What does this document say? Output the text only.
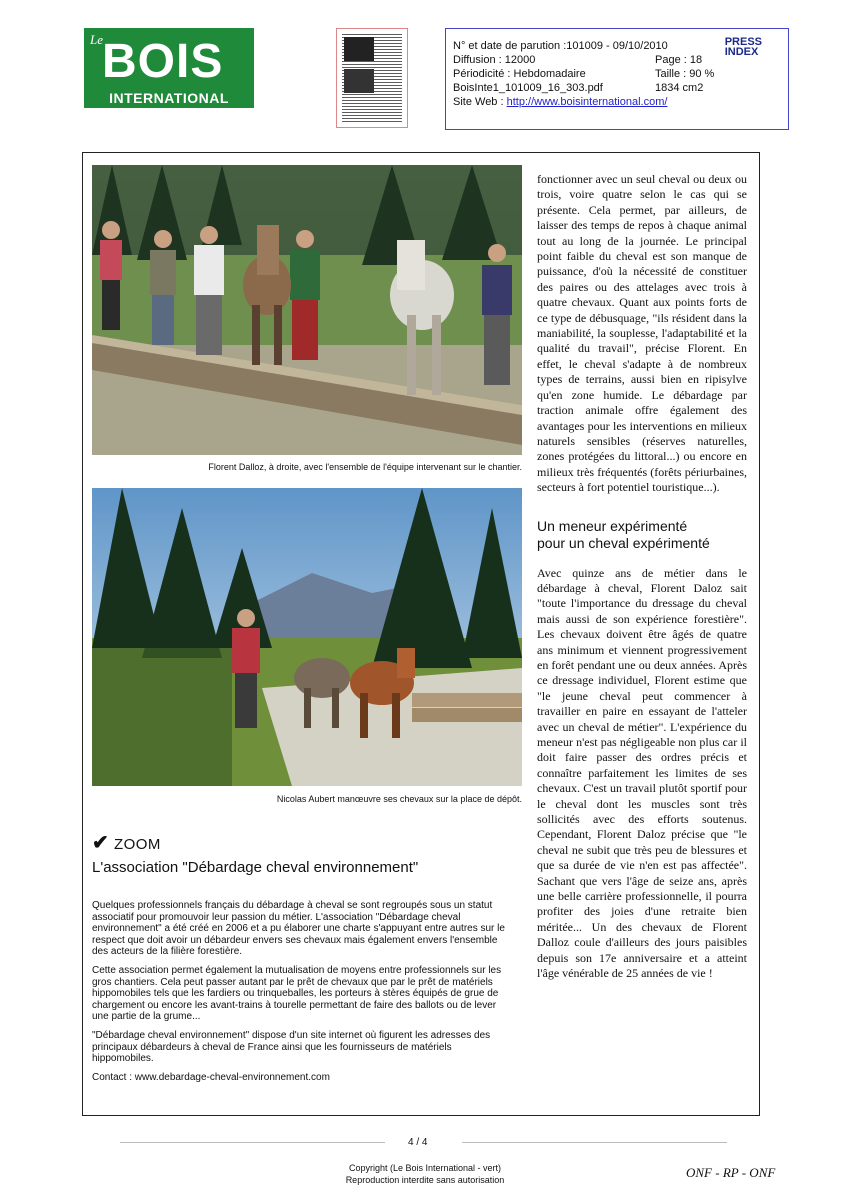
Le BOIS
INTERNATIONAL
PRESS
INDEX
N° et date de parution :101009 - 09/10/2010
Diffusion : 12000	Page : 18
Périodicité : Hebdomadaire	Taille : 90 %
BoisInte1_101009_16_303.pdf	1834 cm2
Site Web : http://www.boisinternational.com/
Florent Dalloz, à droite, avec l'ensemble de l'équipe intervenant sur le chantier.
Nicolas Aubert manœuvre ses chevaux sur la place de dépôt.

fonctionner avec un seul cheval ou deux ou trois, voire quatre selon le cas qui se présente. Cela permet, par ailleurs, de laisser des temps de repos à chaque animal tout au long de la journée. Le principal point faible du cheval est son manque de puissance, d'où la nécessité de constituer des paires ou des attelages avec trois à quatre chevaux. Quant aux points forts de ce type de débusquage, "ils résident dans la maniabilité, la souplesse, l'adaptabilité et la qualité du travail", précise Florent. En effet, le cheval s'adapte à de nombreux types de terrains, aussi bien en ripisylve qu'en zone humide. Le débardage par traction animale offre également des avantages pour les interventions en milieux naturels sensibles (réserves naturelles, zones protégées du littoral...) ou encore en milieux très fréquentés (forêts périurbaines, secteurs à fort potentiel touristique...).

Un meneur expérimenté
pour un cheval expérimenté

Avec quinze ans de métier dans le débardage à cheval, Florent Daloz sait "toute l'importance du dressage du cheval mais aussi de son expérience forestière". Les chevaux doivent être âgés de quatre ans minimum et viennent progressivement en forêt pendant une ou deux années. Après ce dressage individuel, Florent estime que "le jeune cheval peut commencer à travailler en paire en essayant de l'atteler avec un cheval de métier". L'expérience du meneur n'est pas négligeable non plus car il doit faire passer des ordres précis et connaître parfaitement les limites de ses chevaux. C'est un travail plutôt sportif pour le cheval dont les muscles sont très sollicités avec des efforts soutenus. Cependant, Florent Daloz précise que "le cheval ne subit que très peu de blessures et que sa durée de vie n'en est pas affectée". Sachant que vers l'âge de seize ans, après une belle carrière professionnelle, il pourra profiter des joies d'une retraite bien méritée... Un des chevaux de Florent Dalloz coule d'ailleurs des jours paisibles depuis son 17e anniversaire et a atteint l'âge vénérable de 25 années de vie !

✔ ZOOM
L'association "Débardage cheval environnement"

Quelques professionnels français du débardage à cheval se sont regroupés sous un statut associatif pour promouvoir leur passion du métier. L'association "Débardage cheval environnement" a été créé en 2006 et a pu élaborer une charte s'appuyant entre autres sur le respect que doit avoir un débardeur envers ses chevaux mais également envers l'ensemble des acteurs de la filière forestière.

Cette association permet également la mutualisation de moyens entre professionnels sur les gros chantiers. Cela peut passer autant par le prêt de chevaux que par le prêt de matériels hippomobiles tels que les fardiers ou trinqueballes, les porteurs à stères équipés de grue de chargement ou encore les avant-trains à tourelle permettant de faire des ballots ou de lever une partie de la grume...

"Débardage cheval environnement" dispose d'un site internet où figurent les adresses des principaux débardeurs à cheval de France ainsi que les fournisseurs de matériels hippomobiles.

Contact : www.debardage-cheval-environnement.com

4 / 4
Copyright (Le Bois International - vert)
Reproduction interdite sans autorisation	ONF - RP - ONF
